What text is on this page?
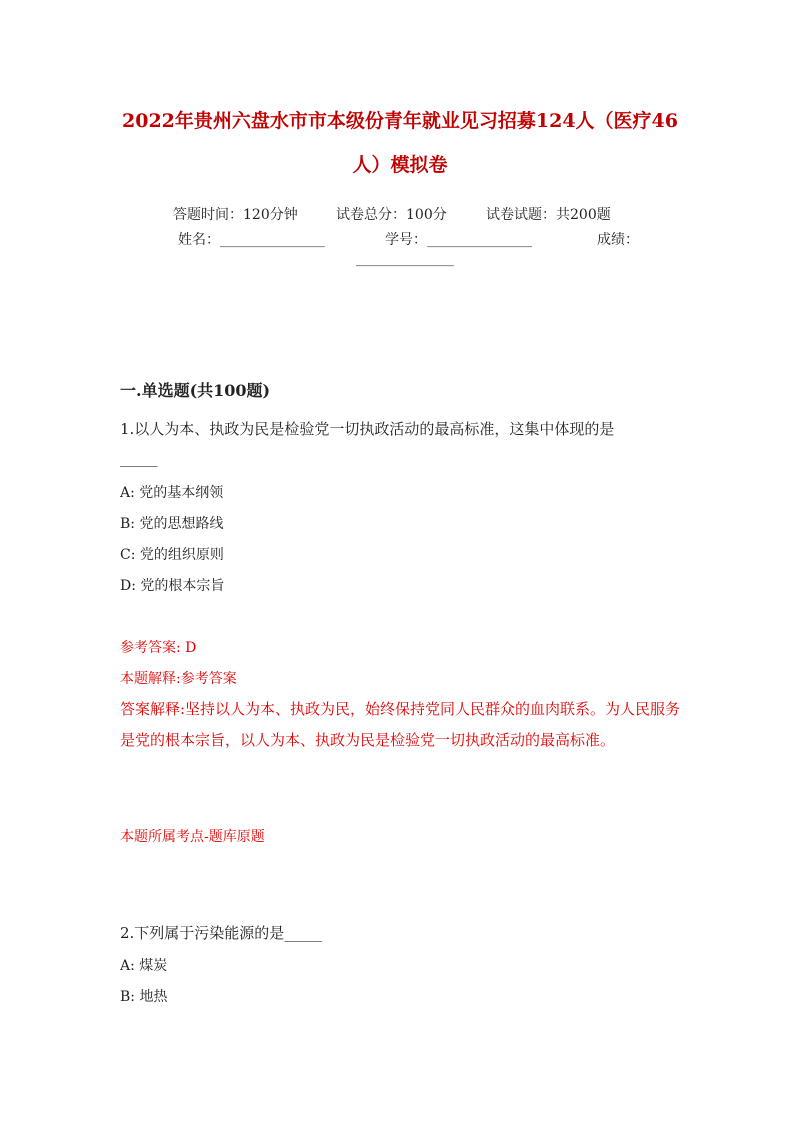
2022年贵州六盘水市市本级份青年就业见习招募124人（医疗46
人）模拟卷
答题时间：120分钟	试卷总分：100分	试卷试题：共200题
姓名：_______________	学号：_______________	成绩：
______________
一.单选题(共100题)
1.以人为本、执政为民是检验党一切执政活动的最高标准，这集中体现的是
_____
A: 党的基本纲领
B: 党的思想路线
C: 党的组织原则
D: 党的根本宗旨
参考答案: D
本题解释:参考答案
答案解释:坚持以人为本、执政为民，始终保持党同人民群众的血肉联系。为人民服务是党的根本宗旨，以人为本、执政为民是检验党一切执政活动的最高标准。
本题所属考点-题库原题
2.下列属于污染能源的是_____
A: 煤炭
B: 地热
